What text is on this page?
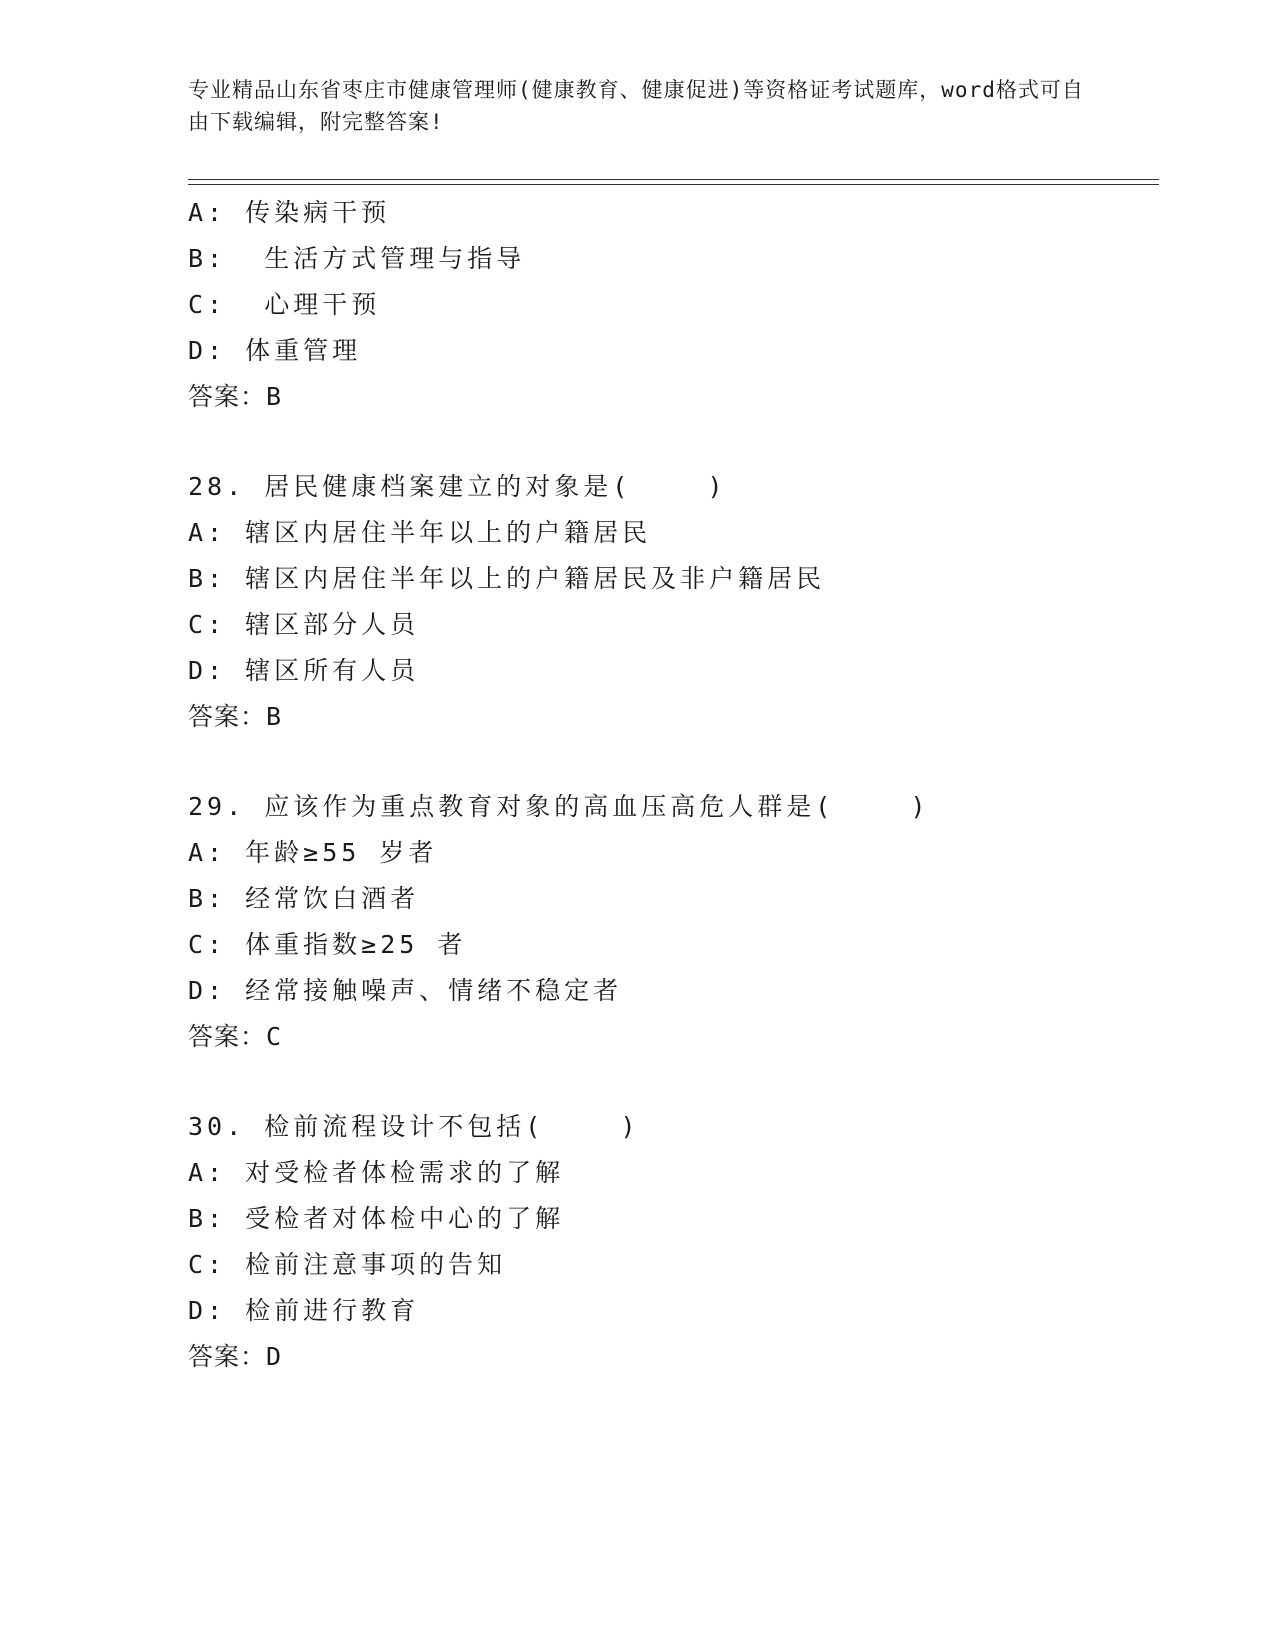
专业精品山东省枣庄市健康管理师(健康教育、健康促进)等资格证考试题库，word格式可自由下载编辑，附完整答案!
A: 传染病干预
B:  生活方式管理与指导
C:  心理干预
D: 体重管理
答案：B
28. 居民健康档案建立的对象是(    )
A: 辖区内居住半年以上的户籍居民
B: 辖区内居住半年以上的户籍居民及非户籍居民
C: 辖区部分人员
D: 辖区所有人员
答案：B
29. 应该作为重点教育对象的高血压高危人群是(    )
A: 年龄≥55 岁者
B: 经常饮白酒者
C: 体重指数≥25 者
D: 经常接触噪声、情绪不稳定者
答案：C
30. 检前流程设计不包括(    )
A: 对受检者体检需求的了解
B: 受检者对体检中心的了解
C: 检前注意事项的告知
D: 检前进行教育
答案：D
